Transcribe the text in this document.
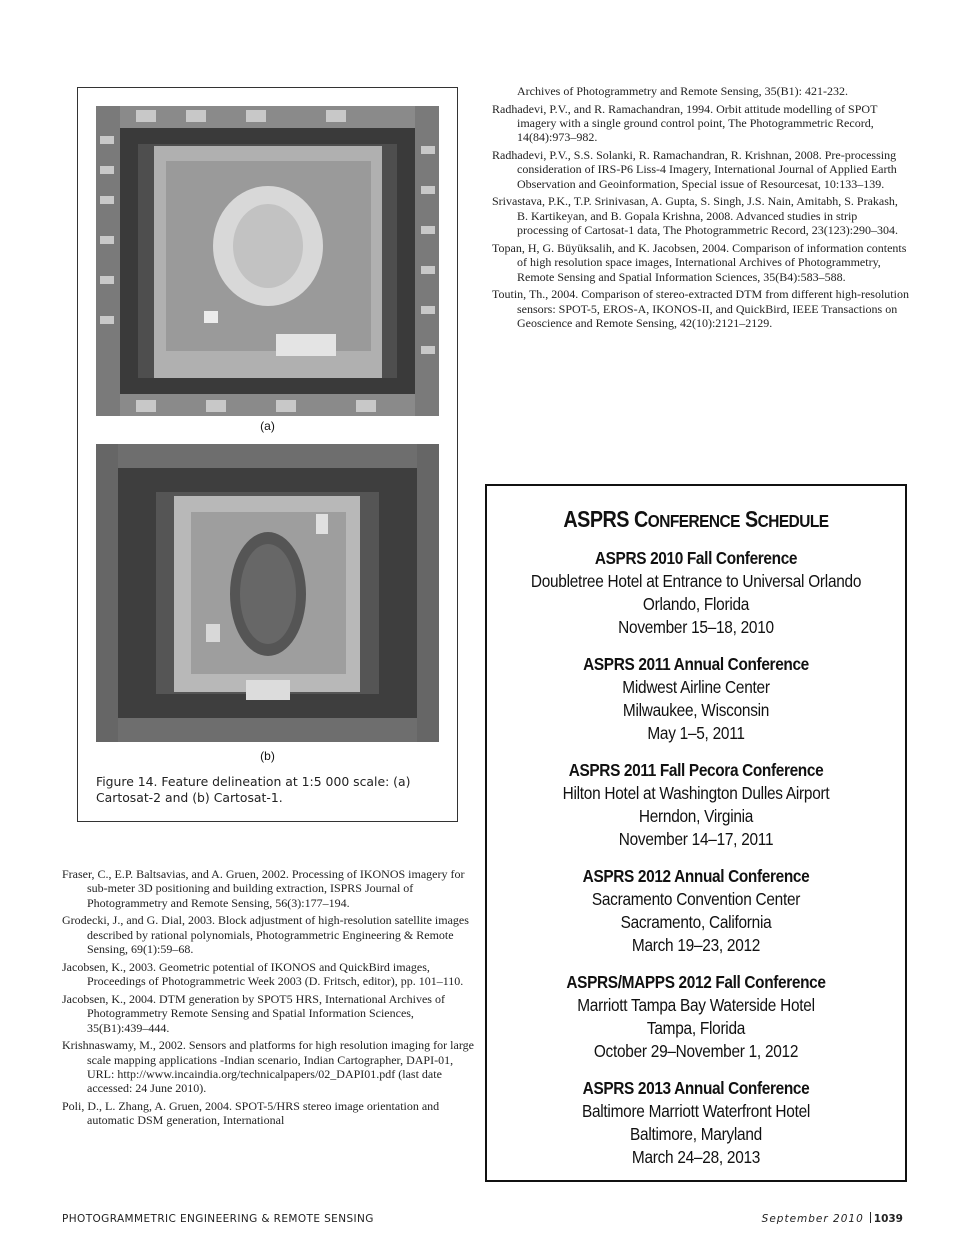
(a)
(b)
Figure 14. Feature delineation at 1:5 000 scale: (a) Cartosat-2 and (b) Cartosat-1.
Archives of Photogrammetry and Remote Sensing, 35(B1): 421-232.
Radhadevi, P.V., and R. Ramachandran, 1994. Orbit attitude modelling of SPOT imagery with a single ground control point, The Photogrammetric Record, 14(84):973–982.
Radhadevi, P.V., S.S. Solanki, R. Ramachandran, R. Krishnan, 2008. Pre-processing consideration of IRS-P6 Liss-4 Imagery, International Journal of Applied Earth Observation and Geoinformation, Special issue of Resourcesat, 10:133–139.
Srivastava, P.K., T.P. Srinivasan, A. Gupta, S. Singh, J.S. Nain, Amitabh, S. Prakash, B. Kartikeyan, and B. Gopala Krishna, 2008. Advanced studies in strip processing of Cartosat-1 data, The Photogrammetric Record, 23(123):290–304.
Topan, H, G. Büyüksalih, and K. Jacobsen, 2004. Comparison of information contents of high resolution space images, International Archives of Photogrammetry, Remote Sensing and Spatial Information Sciences, 35(B4):583–588.
Toutin, Th., 2004. Comparison of stereo-extracted DTM from different high-resolution sensors: SPOT-5, EROS-A, IKONOS-II, and QuickBird, IEEE Transactions on Geoscience and Remote Sensing, 42(10):2121–2129.
Fraser, C., E.P. Baltsavias, and A. Gruen, 2002. Processing of IKONOS imagery for sub-meter 3D positioning and building extraction, ISPRS Journal of Photogrammetry and Remote Sensing, 56(3):177–194.
Grodecki, J., and G. Dial, 2003. Block adjustment of high-resolution satellite images described by rational polynomials, Photogrammetric Engineering & Remote Sensing, 69(1):59–68.
Jacobsen, K., 2003. Geometric potential of IKONOS and QuickBird images, Proceedings of Photogrammetric Week 2003 (D. Fritsch, editor), pp. 101–110.
Jacobsen, K., 2004. DTM generation by SPOT5 HRS, International Archives of Photogrammetry Remote Sensing and Spatial Information Sciences, 35(B1):439–444.
Krishnaswamy, M., 2002. Sensors and platforms for high resolution imaging for large scale mapping applications -Indian scenario, Indian Cartographer, DAPI-01, URL: http://www.incaindia.org/technicalpapers/02_DAPI01.pdf (last date accessed: 24 June 2010).
Poli, D., L. Zhang, A. Gruen, 2004. SPOT-5/HRS stereo image orientation and automatic DSM generation, International
ASPRS CONFERENCE SCHEDULE
ASPRS 2010 Fall Conference
Doubletree Hotel at Entrance to Universal Orlando
Orlando, Florida
November 15–18, 2010
ASPRS 2011 Annual Conference
Midwest Airline Center
Milwaukee, Wisconsin
May 1–5, 2011
ASPRS 2011 Fall Pecora Conference
Hilton Hotel at Washington Dulles Airport
Herndon, Virginia
November 14–17, 2011
ASPRS 2012 Annual Conference
Sacramento Convention Center
Sacramento, California
March 19–23, 2012
ASPRS/MAPPS 2012 Fall Conference
Marriott Tampa Bay Waterside Hotel
Tampa, Florida
October 29–November 1, 2012
ASPRS 2013 Annual Conference
Baltimore Marriott Waterfront Hotel
Baltimore, Maryland
March 24–28, 2013
PHOTOGRAMMETRIC ENGINEERING & REMOTE SENSING	September 2010 1039
